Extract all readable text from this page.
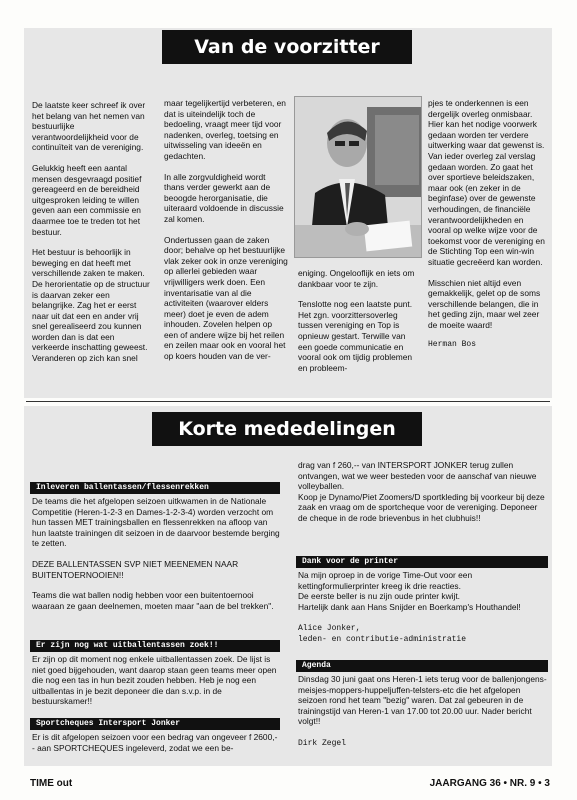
Van de voorzitter

De laatste keer schreef ik over het belang van het nemen van bestuurlijke verantwoordelijkheid voor de continuïteit van de vereniging.

Gelukkig heeft een aantal mensen desgevraagd positief gereageerd en de bereidheid uitgesproken leiding te willen geven aan een commissie en daarmee toe te treden tot het bestuur.

Het bestuur is behoorlijk in beweging en dat heeft met verschillende zaken te maken. De herorientatie op de structuur is daarvan zeker een belangrijke. Zag het er eerst naar uit dat een en ander vrij snel gerealiseerd zou kunnen worden dan is dat een verkeerde inschatting geweest. Veranderen op zich kan snel

maar tegelijkertijd verbeteren, en dat is uiteindelijk toch de bedoeling, vraagt meer tijd voor nadenken, overleg, toetsing en uitwisseling van ideeën en gedachten.

In alle zorgvuldigheid wordt thans verder gewerkt aan de beoogde herorganisatie, die uiteraard voldoende in discussie zal komen.

Ondertussen gaan de zaken door; behalve op het bestuurlijke vlak zeker ook in onze vereniging op allerlei gebieden waar vrijwilligers werk doen. Een inventarisatie van al die activiteiten (waarover elders meer) doet je even de adem inhouden. Zovelen helpen op een of andere wijze bij het reilen en zeilen maar ook en vooral het op koers houden van de ver-

eniging. Ongelooflijk en iets om dankbaar voor te zijn.

Tenslotte nog een laatste punt. Het zgn. voorzittersoverleg tussen vereniging en Top is opnieuw gestart. Terwille van een goede communicatie en vooral ook om tijdig problemen en probleem-

pjes te onderkennen is een dergelijk overleg onmisbaar. Hier kan het nodige voorwerk gedaan worden ter verdere uitwerking waar dat gewenst is. Van ieder overleg zal verslag gedaan worden. Zo gaat het over sportieve beleidszaken, maar ook (en zeker in de beginfase) over de gewenste verhoudingen, de financiële verantwoordelijkheden en vooral op welke wijze voor de toekomst voor de vereniging en de Stichting Top een win-win situatie gecreëerd kan worden.

Misschien niet altijd even gemakkelijk, gelet op de soms verschillende belangen, die in het geding zijn, maar wel zeer de moeite waard!

Herman Bos

Korte mededelingen
Inleveren ballentassen/flessenrekken

De teams die het afgelopen seizoen uitkwamen in de Nationale Competitie (Heren-1-2-3 en Dames-1-2-3-4) worden verzocht om hun tassen MET trainingsballen en flessenrekken na afloop van hun laatste trainingen dit seizoen in de daarvoor bestemde berging te zetten.

DEZE BALLENTASSEN SVP NIET MEENEMEN NAAR BUITENTOERNOOIEN!!

Teams die wat ballen nodig hebben voor een buitentoernooi waaraan ze gaan deelnemen, moeten maar "aan de bel trekken".

Er zijn nog wat uitballentassen zoek!!

Er zijn op dit moment nog enkele uitballentassen zoek. De lijst is niet goed bijgehouden, want daarop staan geen teams meer open die nog een tas in hun bezit zouden hebben. Heb je nog een uitballentas in je bezit deponeer die dan s.v.p. in de bestuurskamer!!

Sportcheques Intersport Jonker

Er is dit afgelopen seizoen voor een bedrag van ongeveer f 2600,-- aan SPORTCHEQUES ingeleverd, zodat we een be-

drag van f 260,-- van INTERSPORT JONKER terug zullen ontvangen, wat we weer besteden voor de aanschaf van nieuwe volleyballen.

Koop je Dynamo/Piet Zoomers/D sportkleding bij voorkeur bij deze zaak en vraag om de sportcheque voor de vereniging. Deponeer de cheque in de rode brievenbus in het clubhuis!!

Dank voor de printer

Na mijn oproep in de vorige Time-Out voor een kettingformulierprinter kreeg ik drie reacties.

De eerste beller is nu zijn oude printer kwijt.

Hartelijk dank aan Hans Snijder en Boerkamp's Houthandel!

Alice Jonker,

leden- en contributie-administratie

Agenda

Dinsdag 30 juni gaat ons Heren-1 iets terug voor de ballenjongens-meisjes-moppers-huppeljuffen-telsters-etc die het afgelopen seizoen rond het team "bezig" waren. Dat zal gebeuren in de trainingstijd van Heren-1 van 17.00 tot 20.00 uur. Nader bericht volgt!!

Dirk Zegel

TIME out	JAARGANG 36 • NR. 9 • 3
